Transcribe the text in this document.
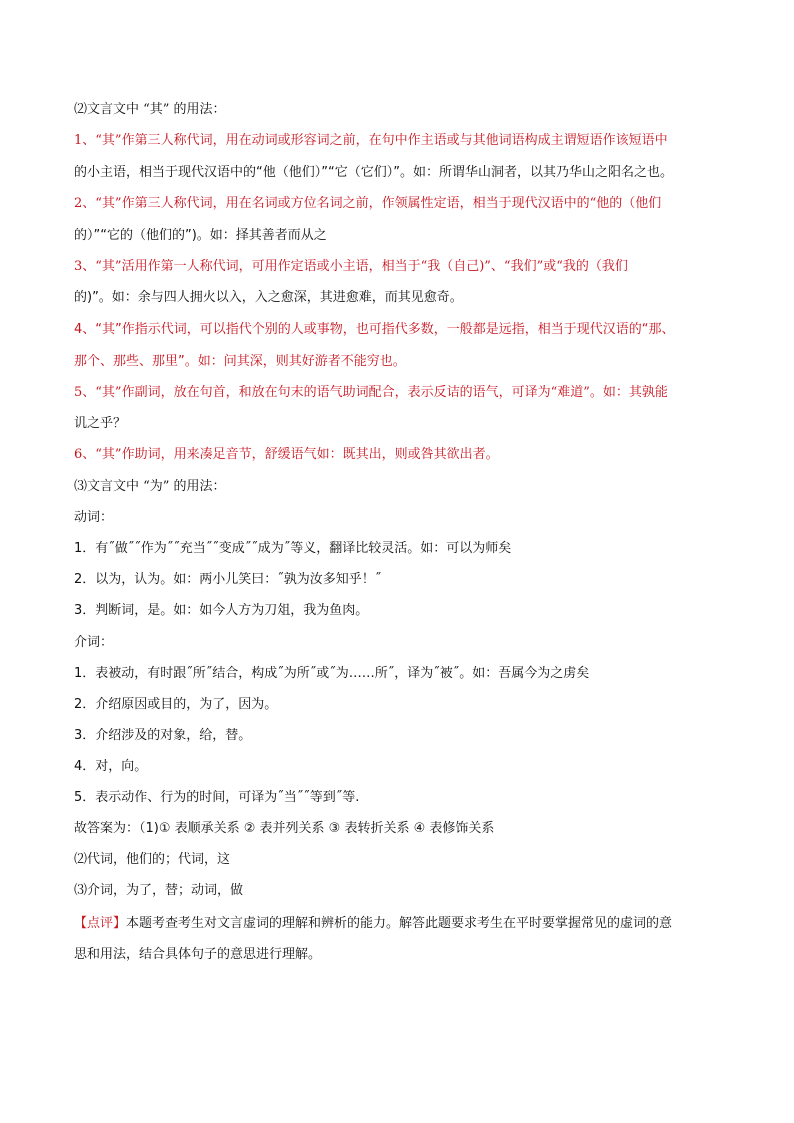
⑵文言文中 “其” 的用法：
1、“其”作第三人称代词，用在动词或形容词之前，在句中作主语或与其他词语构成主谓短语作该短语中
的小主语，相当于现代汉语中的“他（他们）”“它（它们）”。如：所谓华山洞者，以其乃华山之阳名之也。
2、“其”作第三人称代词，用在名词或方位名词之前，作领属性定语，相当于现代汉语中的“他的（他们
的）”“它的（他们的”)。如：择其善者而从之
3、“其”活用作第一人称代词，可用作定语或小主语，相当于“我（自己)”、“我们”或“我的（我们
的)”。如：余与四人拥火以入，入之愈深，其进愈难，而其见愈奇。
4、“其”作指示代词，可以指代个别的人或事物，也可指代多数，一般都是远指，相当于现代汉语的“那、
那个、那些、那里”。如：问其深，则其好游者不能穷也。
5、“其”作副词，放在句首，和放在句末的语气助词配合，表示反诘的语气，可译为“难道”。如：其孰能
讥之乎？
6、“其”作助词，用来凑足音节，舒缓语气如：既其出，则或咎其欲出者。
⑶文言文中 “为” 的用法：
动词：
1．有˝做˝˝作为˝˝充当˝˝变成˝˝成为˝等义，翻译比较灵活。如：可以为师矣
2．以为，认为。如：两小儿笑曰：˝孰为汝多知乎！˝
3．判断词，是。如：如今人方为刀俎，我为鱼肉。
介词：
1．表被动，有时跟˝所˝结合，构成˝为所˝或˝为……所˝，译为˝被˝。如：吾属今为之虏矣
2．介绍原因或目的，为了，因为。
3．介绍涉及的对象，给，替。
4．对，向。
5．表示动作、行为的时间，可译为˝当˝˝等到˝等.
故答案为：（1)① 表顺承关系 ② 表并列关系 ③ 表转折关系 ④ 表修饰关系
⑵代词，他们的；代词，这
⑶介词，为了，替；动词，做
【点评】本题考查考生对文言虚词的理解和辨析的能力。解答此题要求考生在平时要掌握常见的虚词的意
思和用法，结合具体句子的意思进行理解。
